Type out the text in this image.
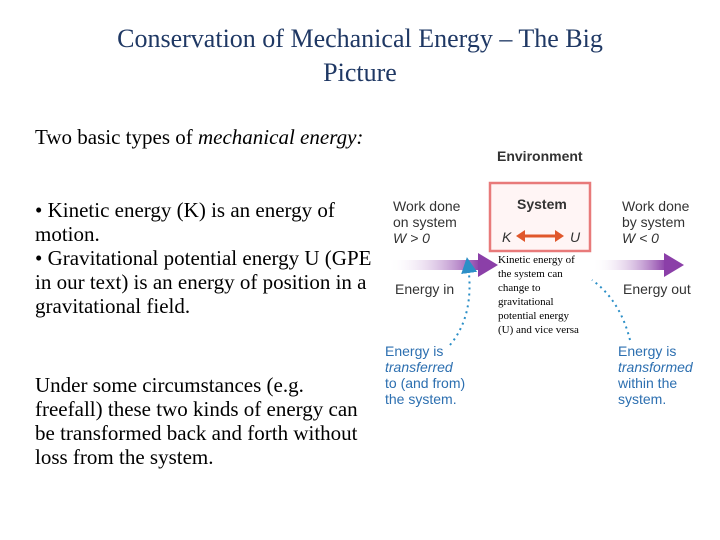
Conservation of Mechanical Energy – The Big
Picture
Two basic types of mechanical energy:
• Kinetic energy (K) is an energy of motion.
• Gravitational potential energy U (GPE in our text) is an energy of position in a gravitational field.
Under some circumstances (e.g. freefall) these two kinds of energy can be transformed back and forth without loss from the system.
Environment
System
K	U
Work done
on system
W > 0
Work done
by system
W < 0
Energy in	Energy out
Kinetic energy of the system can change to gravitational potential energy (U) and vice versa
Energy is
transferred
to (and from)
the system.
Energy is
transformed
within the
system.
